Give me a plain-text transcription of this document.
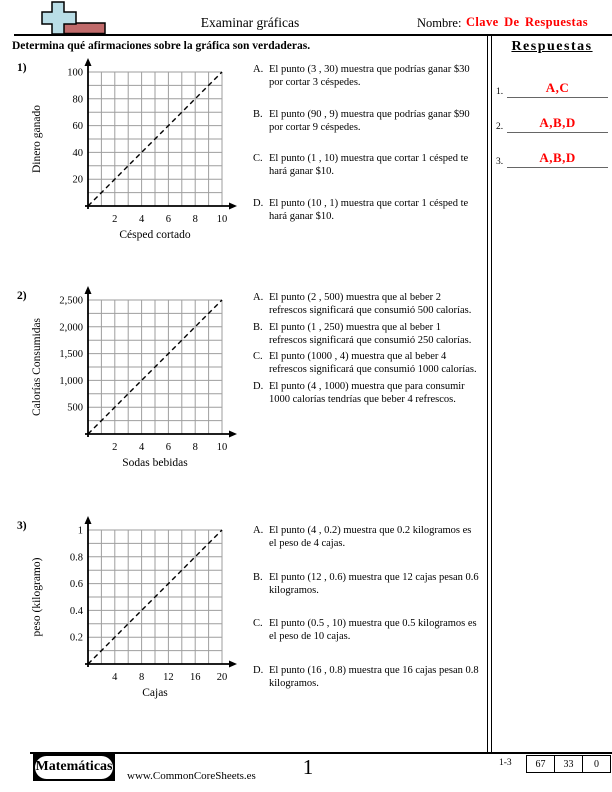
Examinar gráficas	Nombre: Clave De Respuestas
Determina qué afirmaciones sobre la gráfica son verdaderas.	Respuestas
1.	A,C
2.	A,B,D
3.	A,B,D
1)
2 4 6 8 10
20
40
60
80
100
Césped cortado
Dinero ganado
A. El punto (3 , 30) muestra que podrías ganar $30 por cortar 3 céspedes.
B. El punto (90 , 9) muestra que podrías ganar $90 por cortar 9 céspedes.
C. El punto (1 , 10) muestra que cortar 1 césped te hará ganar $10.
D. El punto (10 , 1) muestra que cortar 1 césped te hará ganar $10.
2)
2 4 6 8 10
500
1,000
1,500
2,000
2,500
Sodas bebidas
Calorías Consumidas
A. El punto (2 , 500) muestra que al beber 2 refrescos significará que consumió 500 calorías.
B. El punto (1 , 250) muestra que al beber 1 refrescos significará que consumió 250 calorías.
C. El punto (1000 , 4) muestra que al beber 4 refrescos significará que consumió 1000 calorías.
D. El punto (4 , 1000) muestra que para consumir 1000 calorías tendrías que beber 4 refrescos.
3)
4 8 12 16 20
0.2
0.4
0.6
0.8
1
Cajas
peso (kilogramo)
A. El punto (4 , 0.2) muestra que 0.2 kilogramos es el peso de 4 cajas.
B. El punto (12 , 0.6) muestra que 12 cajas pesan 0.6 kilogramos.
C. El punto (0.5 , 10) muestra que 0.5 kilogramos es el peso de 10 cajas.
D. El punto (16 , 0.8) muestra que 16 cajas pesan 0.8 kilogramos.
Matemáticas
www.CommonCoreSheets.es	1	1-3 67	33	0
